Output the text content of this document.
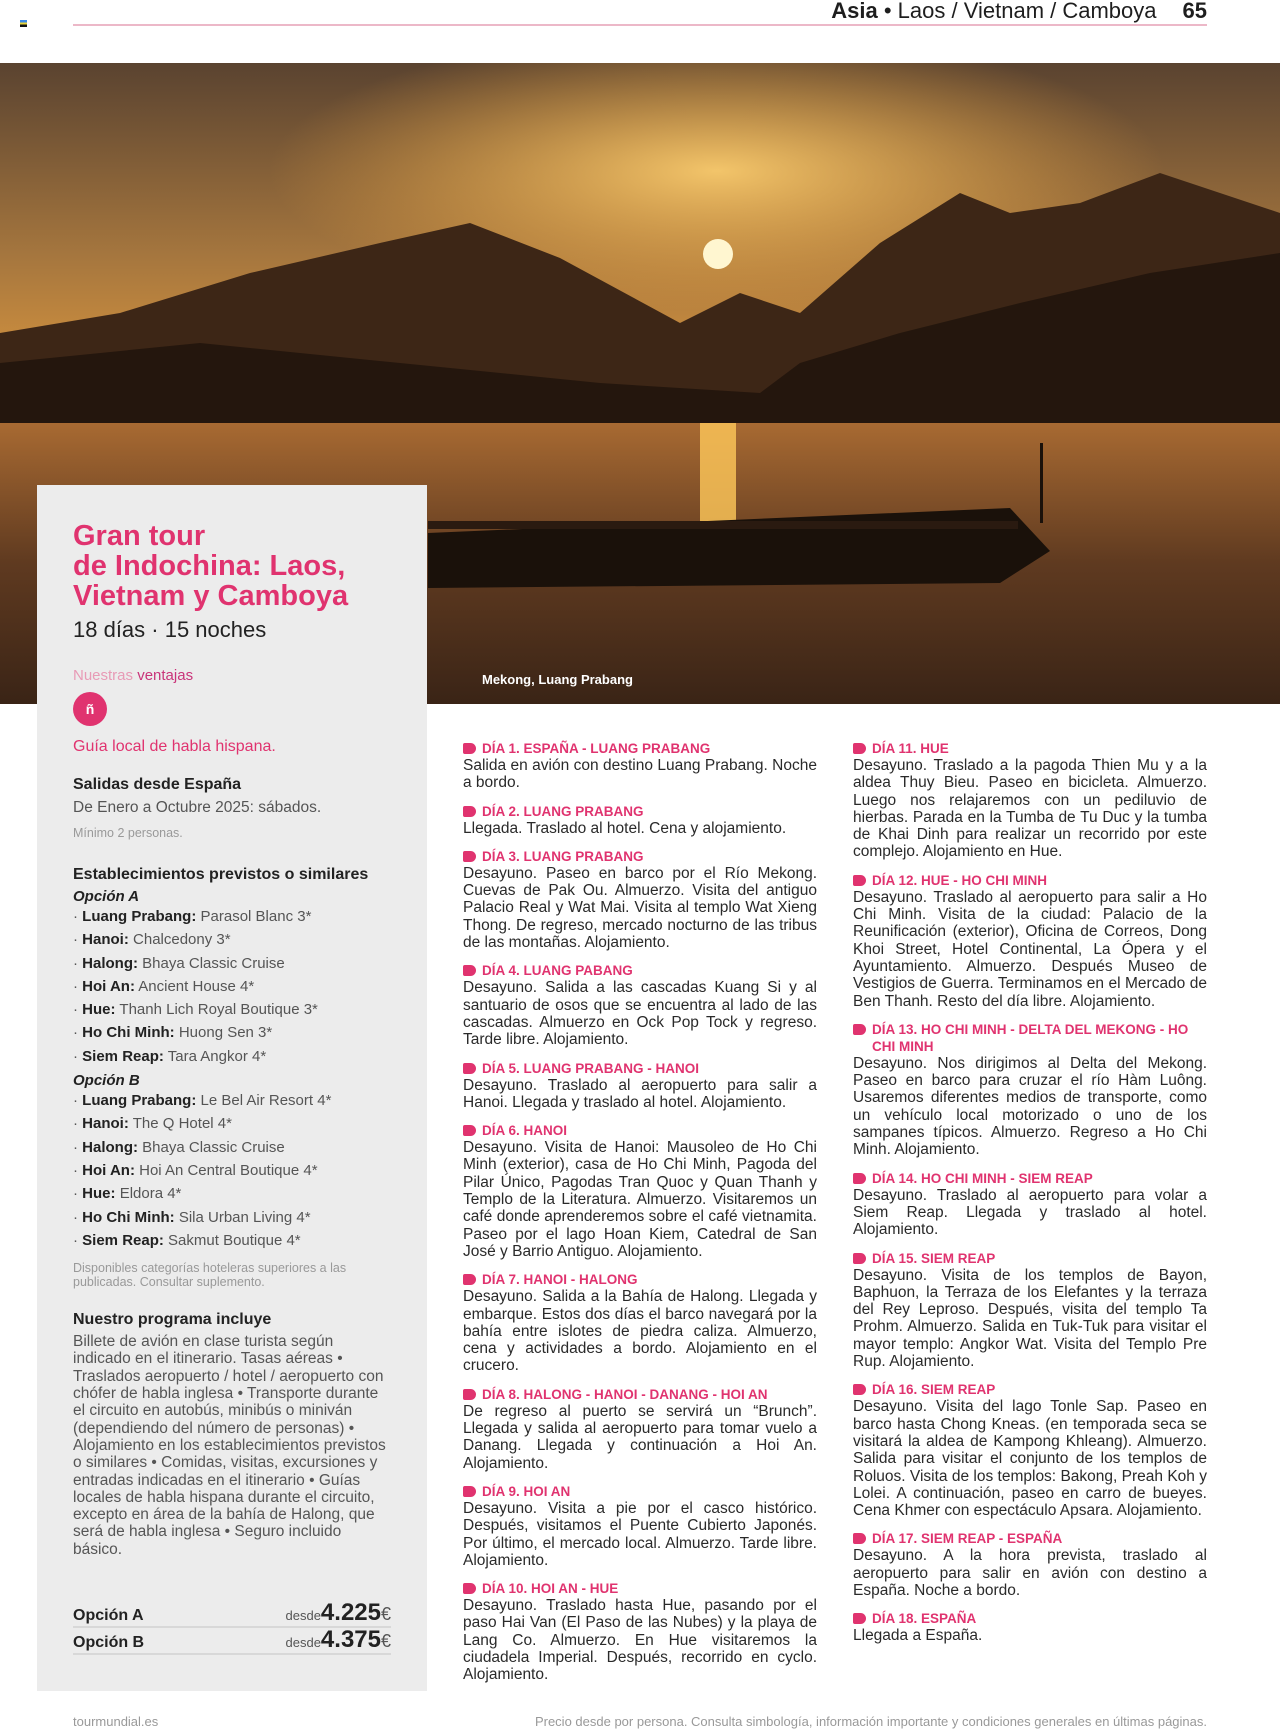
Asia • Laos / Vietnam / Camboya 65
Mekong, Luang Prabang
Gran tour
de Indochina: Laos,
Vietnam y Camboya
18 días · 15 noches
Nuestras ventajas
ñ
Guía local de habla hispana.
Salidas desde España
De Enero a Octubre 2025: sábados.
Mínimo 2 personas.
Establecimientos previstos o similares
Opción A
· Luang Prabang: Parasol Blanc 3*
· Hanoi: Chalcedony 3*
· Halong: Bhaya Classic Cruise
· Hoi An: Ancient House 4*
· Hue: Thanh Lich Royal Boutique 3*
· Ho Chi Minh: Huong Sen 3*
· Siem Reap: Tara Angkor 4*
Opción B
· Luang Prabang: Le Bel Air Resort 4*
· Hanoi: The Q Hotel 4*
· Halong: Bhaya Classic Cruise
· Hoi An: Hoi An Central Boutique 4*
· Hue: Eldora 4*
· Ho Chi Minh: Sila Urban Living 4*
· Siem Reap: Sakmut Boutique 4*
Disponibles categorías hoteleras superiores a las publicadas. Consultar suplemento.
Nuestro programa incluye
Billete de avión en clase turista según indicado en el itinerario. Tasas aéreas • Traslados aeropuerto / hotel / aeropuerto con chófer de habla inglesa • Transporte durante el circuito en autobús, minibús o miniván (dependiendo del número de personas) • Alojamiento en los establecimientos previstos o similares • Comidas, visitas, excursiones y entradas indicadas en el itinerario • Guías locales de habla hispana durante el circuito, excepto en área de la bahía de Halong, que será de habla inglesa • Seguro incluido básico.
Opción A	desde4.225€
Opción B	desde4.375€
DÍA 1. ESPAÑA - LUANG PRABANG
Salida en avión con destino Luang Prabang. Noche a bordo.
DÍA 2. LUANG PRABANG
Llegada. Traslado al hotel. Cena y alojamiento.
DÍA 3. LUANG PRABANG
Desayuno. Paseo en barco por el Río Mekong. Cuevas de Pak Ou. Almuerzo. Visita del antiguo Palacio Real y Wat Mai. Visita al templo Wat Xieng Thong. De regreso, mercado nocturno de las tribus de las montañas. Alojamiento.
DÍA 4. LUANG PABANG
Desayuno. Salida a las cascadas Kuang Si y al santuario de osos que se encuentra al lado de las cascadas. Almuerzo en Ock Pop Tock y regreso. Tarde libre. Alojamiento.
DÍA 5. LUANG PRABANG - HANOI
Desayuno. Traslado al aeropuerto para salir a Hanoi. Llegada y traslado al hotel. Alojamiento.
DÍA 6. HANOI
Desayuno. Visita de Hanoi: Mausoleo de Ho Chi Minh (exterior), casa de Ho Chi Minh, Pagoda del Pilar Único, Pagodas Tran Quoc y Quan Thanh y Templo de la Literatura. Almuerzo. Visitaremos un café donde aprenderemos sobre el café vietnamita. Paseo por el lago Hoan Kiem, Catedral de San José y Barrio Antiguo. Alojamiento.
DÍA 7. HANOI - HALONG
Desayuno. Salida a la Bahía de Halong. Llegada y embarque. Estos dos días el barco navegará por la bahía entre islotes de piedra caliza. Almuerzo, cena y actividades a bordo. Alojamiento en el crucero.
DÍA 8. HALONG - HANOI - DANANG - HOI AN
De regreso al puerto se servirá un “Brunch”. Llegada y salida al aeropuerto para tomar vuelo a Danang. Llegada y continuación a Hoi An. Alojamiento.
DÍA 9. HOI AN
Desayuno. Visita a pie por el casco histórico. Después, visitamos el Puente Cubierto Japonés. Por último, el mercado local. Almuerzo. Tarde libre. Alojamiento.
DÍA 10. HOI AN - HUE
Desayuno. Traslado hasta Hue, pasando por el paso Hai Van (El Paso de las Nubes) y la playa de Lang Co. Almuerzo. En Hue visitaremos la ciudadela Imperial. Después, recorrido en cyclo. Alojamiento.
DÍA 11. HUE
Desayuno. Traslado a la pagoda Thien Mu y a la aldea Thuy Bieu. Paseo en bicicleta. Almuerzo. Luego nos relajaremos con un pediluvio de hierbas. Parada en la Tumba de Tu Duc y la tumba de Khai Dinh para realizar un recorrido por este complejo. Alojamiento en Hue.
DÍA 12. HUE - HO CHI MINH
Desayuno. Traslado al aeropuerto para salir a Ho Chi Minh. Visita de la ciudad: Palacio de la Reunificación (exterior), Oficina de Correos, Dong Khoi Street, Hotel Continental, La Ópera y el Ayuntamiento. Almuerzo. Después Museo de Vestigios de Guerra. Terminamos en el Mercado de Ben Thanh. Resto del día libre. Alojamiento.
DÍA 13. HO CHI MINH - DELTA DEL MEKONG - HO CHI MINH
Desayuno. Nos dirigimos al Delta del Mekong. Paseo en barco para cruzar el río Hàm Luông. Usaremos diferentes medios de transporte, como un vehículo local motorizado o uno de los sampanes típicos. Almuerzo. Regreso a Ho Chi Minh. Alojamiento.
DÍA 14. HO CHI MINH - SIEM REAP
Desayuno. Traslado al aeropuerto para volar a Siem Reap. Llegada y traslado al hotel. Alojamiento.
DÍA 15. SIEM REAP
Desayuno. Visita de los templos de Bayon, Baphuon, la Terraza de los Elefantes y la terraza del Rey Leproso. Después, visita del templo Ta Prohm. Almuerzo. Salida en Tuk-Tuk para visitar el mayor templo: Angkor Wat. Visita del Templo Pre Rup. Alojamiento.
DÍA 16. SIEM REAP
Desayuno. Visita del lago Tonle Sap. Paseo en barco hasta Chong Kneas. (en temporada seca se visitará la aldea de Kampong Khleang). Almuerzo. Salida para visitar el conjunto de los templos de Roluos. Visita de los templos: Bakong, Preah Koh y Lolei. A continuación, paseo en carro de bueyes. Cena Khmer con espectáculo Apsara. Alojamiento.
DÍA 17. SIEM REAP - ESPAÑA
Desayuno. A la hora prevista, traslado al aeropuerto para salir en avión con destino a España. Noche a bordo.
DÍA 18. ESPAÑA
Llegada a España.
tourmundial.es	Precio desde por persona. Consulta simbología, información importante y condiciones generales en últimas páginas.
